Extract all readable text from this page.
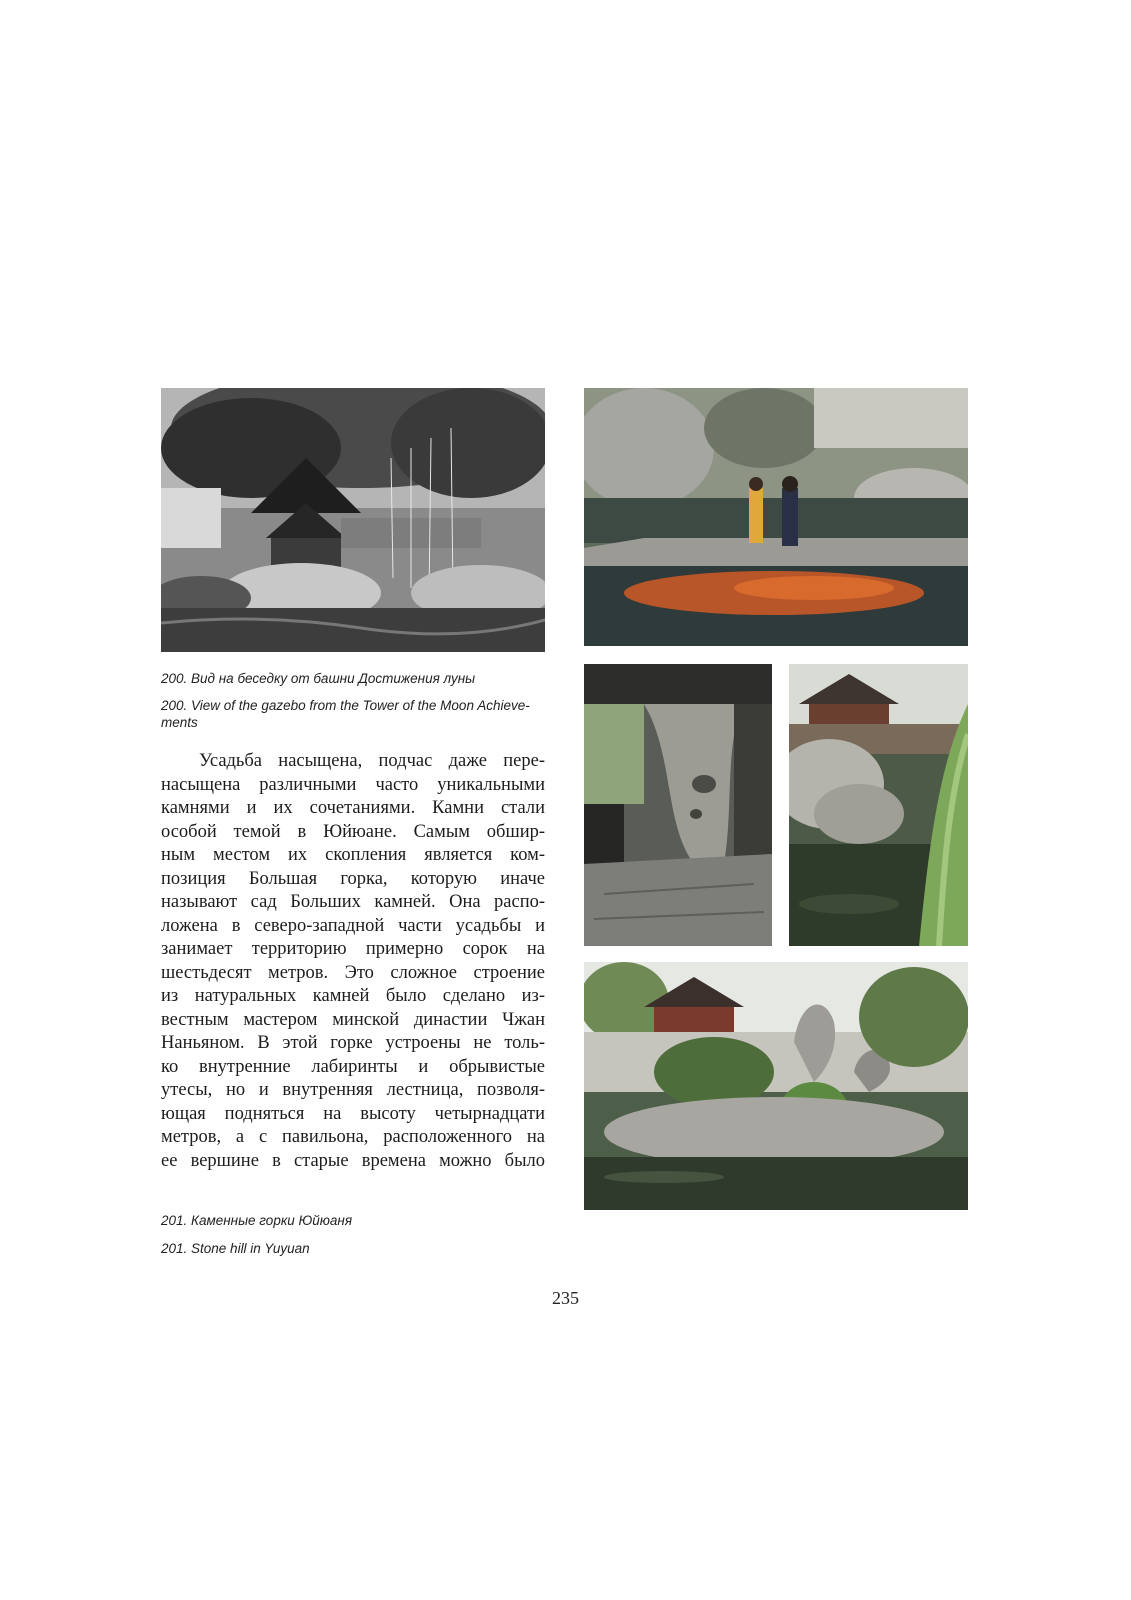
200. Вид на беседку от башни Достижения луны
200. View of the gazebo from the Tower of the Moon Achieve-ments
Усадьба насыщена, подчас даже пере-
насыщена различными часто уникальными
камнями и их сочетаниями. Камни стали
особой темой в Юйюане. Самым обшир-
ным местом их скопления является ком-
позиция Большая горка, которую иначе
называют сад Больших камней. Она распо-
ложена в северо-западной части усадьбы и
занимает территорию примерно сорок на
шестьдесят метров. Это сложное строение
из натуральных камней было сделано из-
вестным мастером минской династии Чжан
Наньяном. В этой горке устроены не толь-
ко внутренние лабиринты и обрывистые
утесы, но и внутренняя лестница, позволя-
ющая подняться на высоту четырнадцати
метров, а с павильона, расположенного на
ее вершине в старые времена можно было
201. Каменные горки Юйюаня
201. Stone hill in Yuyuan
235
